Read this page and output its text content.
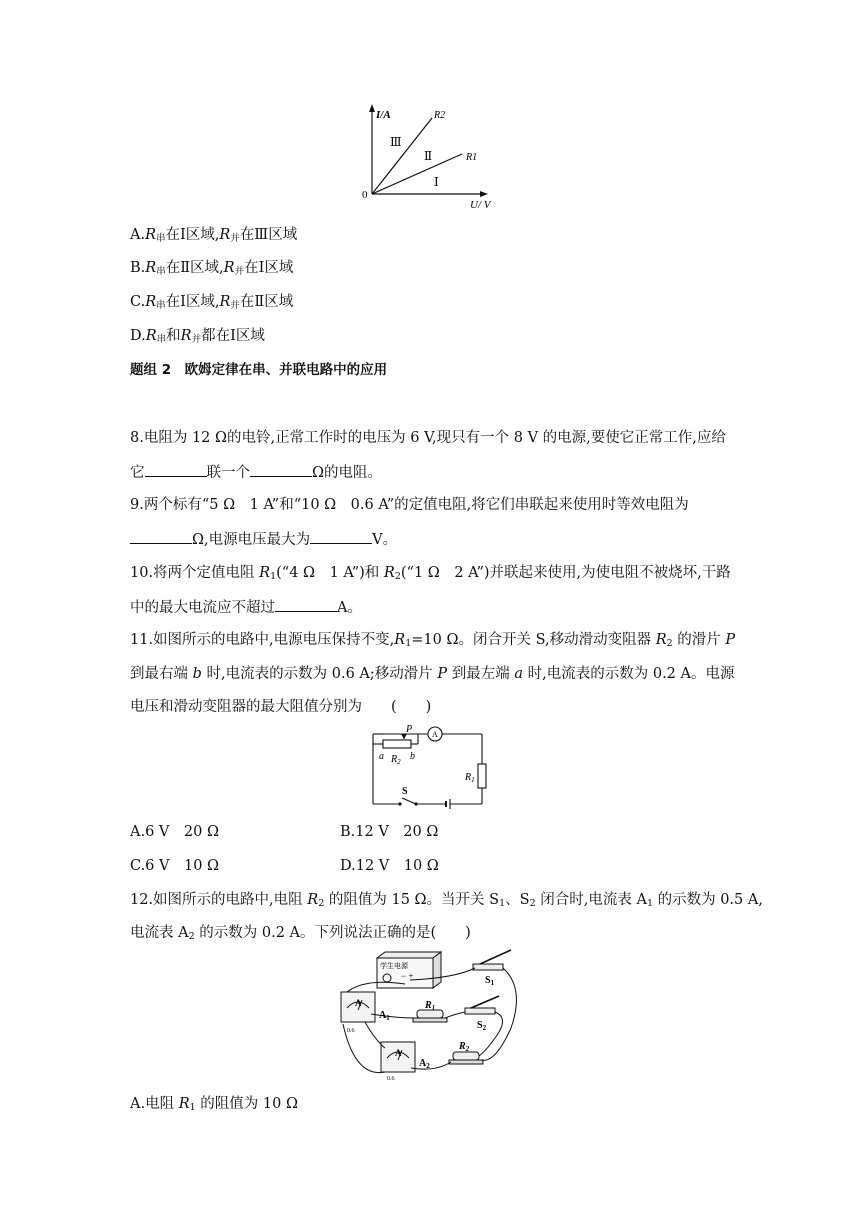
I/A
0
U/ V
R2
R1
Ⅲ
Ⅱ
Ⅰ
$A.R_串$在Ⅰ区域$,R_并$在Ⅲ区域
$B.R_串$在Ⅱ区域$,R_并$在Ⅰ区域
$C.R_串$在Ⅰ区域$,R_并$在Ⅱ区域
$D.R_串$和$R_并$都在Ⅰ区域
题组 2　欧姆定律在串、并联电路中的应用
8.电阻为 12 Ω的电铃,正常工作时的电压为 6 V,现只有一个 8 V 的电源,要使它正常工作,应给
它	联一个	Ω的电阻。
9.两个标有“5 Ω　1 A”和“10 Ω　0.6 A”的定值电阻,将它们串联起来使用时等效电阻为
Ω,电源电压最大为	V。
10.将两个定值电阻 $R_1(“4$ Ω　1 A”)和 $R_2(“1$ Ω　2 A”)并联起来使用,为使电阻不被烧坏,干路
中的最大电流应不超过	A。
11.如图所示的电路中,电源电压保持不变$,R_1=10$ Ω。闭合开关 S,移动滑动变阻器 $R_2$ 的滑片 P
到最右端 b 时,电流表的示数为 0.6 A;移动滑片 P 到最左端 a 时,电流表的示数为 0.2 A。电源
电压和滑动变阻器的最大阻值分别为　　(　　)
P
a $R_2$ b
A
$R_1$
S
A.6 V　20 Ω	B.12 V　20 Ω
C.6 V　10 Ω	D.12 V　10 Ω
12.如图所示的电路中,电阻 $R_2$ 的阻值为 15 Ω。当开关 $S_1$、$S_2$ 闭合时,电流表 $A_1$ 的示数为 0.5 A,
电流表 $A_2$ 的示数为 0.2 A。下列说法正确的是(　　)
学生电源
− +
A
A
0.6
0.6
$A_1$
$A_2$
$R_1$
$R_2$
$S_1$
$S_2$
A.电阻 $R_1$ 的阻值为 10 Ω
